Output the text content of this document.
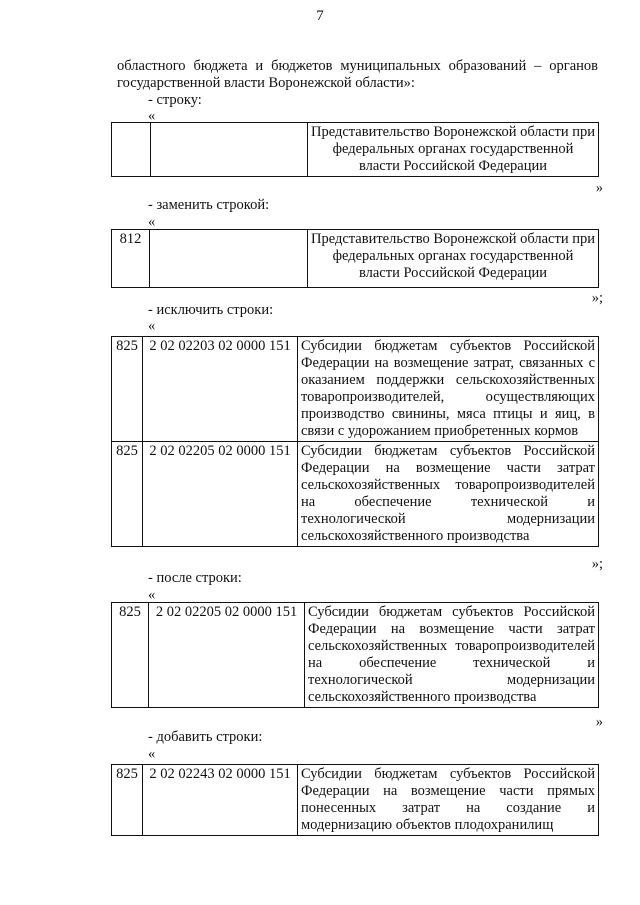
7
областного бюджета и бюджетов муниципальных образований – органов
государственной власти Воронежской области»:
- строку:
«
		Представительство Воронежской области при федеральных органах государственной власти Российской Федерации
»
- заменить строкой:
«
812		Представительство Воронежской области при федеральных органах государственной власти Российской Федерации
»;
- исключить строки:
«
825	2 02 02203 02 0000 151	Субсидии бюджетам субъектов Российской Федерации на возмещение затрат, связанных с оказанием поддержки сельскохозяйственных товаропроизводителей, осуществляющих производство свинины, мяса птицы и яиц, в связи с удорожанием приобретенных кормов
825	2 02 02205 02 0000 151	Субсидии бюджетам субъектов Российской Федерации на возмещение части затрат сельскохозяйственных товаропроизводителей на обеспечение технической и технологической модернизации сельскохозяйственного производства
»;
- после строки:
«
825	2 02 02205 02 0000 151	Субсидии бюджетам субъектов Российской Федерации на возмещение части затрат сельскохозяйственных товаропроизводителей на обеспечение технической и технологической модернизации сельскохозяйственного производства
»
- добавить строки:
«
825	2 02 02243 02 0000 151	Субсидии бюджетам субъектов Российской Федерации на возмещение части прямых понесенных затрат на создание и модернизацию объектов плодохранилищ
